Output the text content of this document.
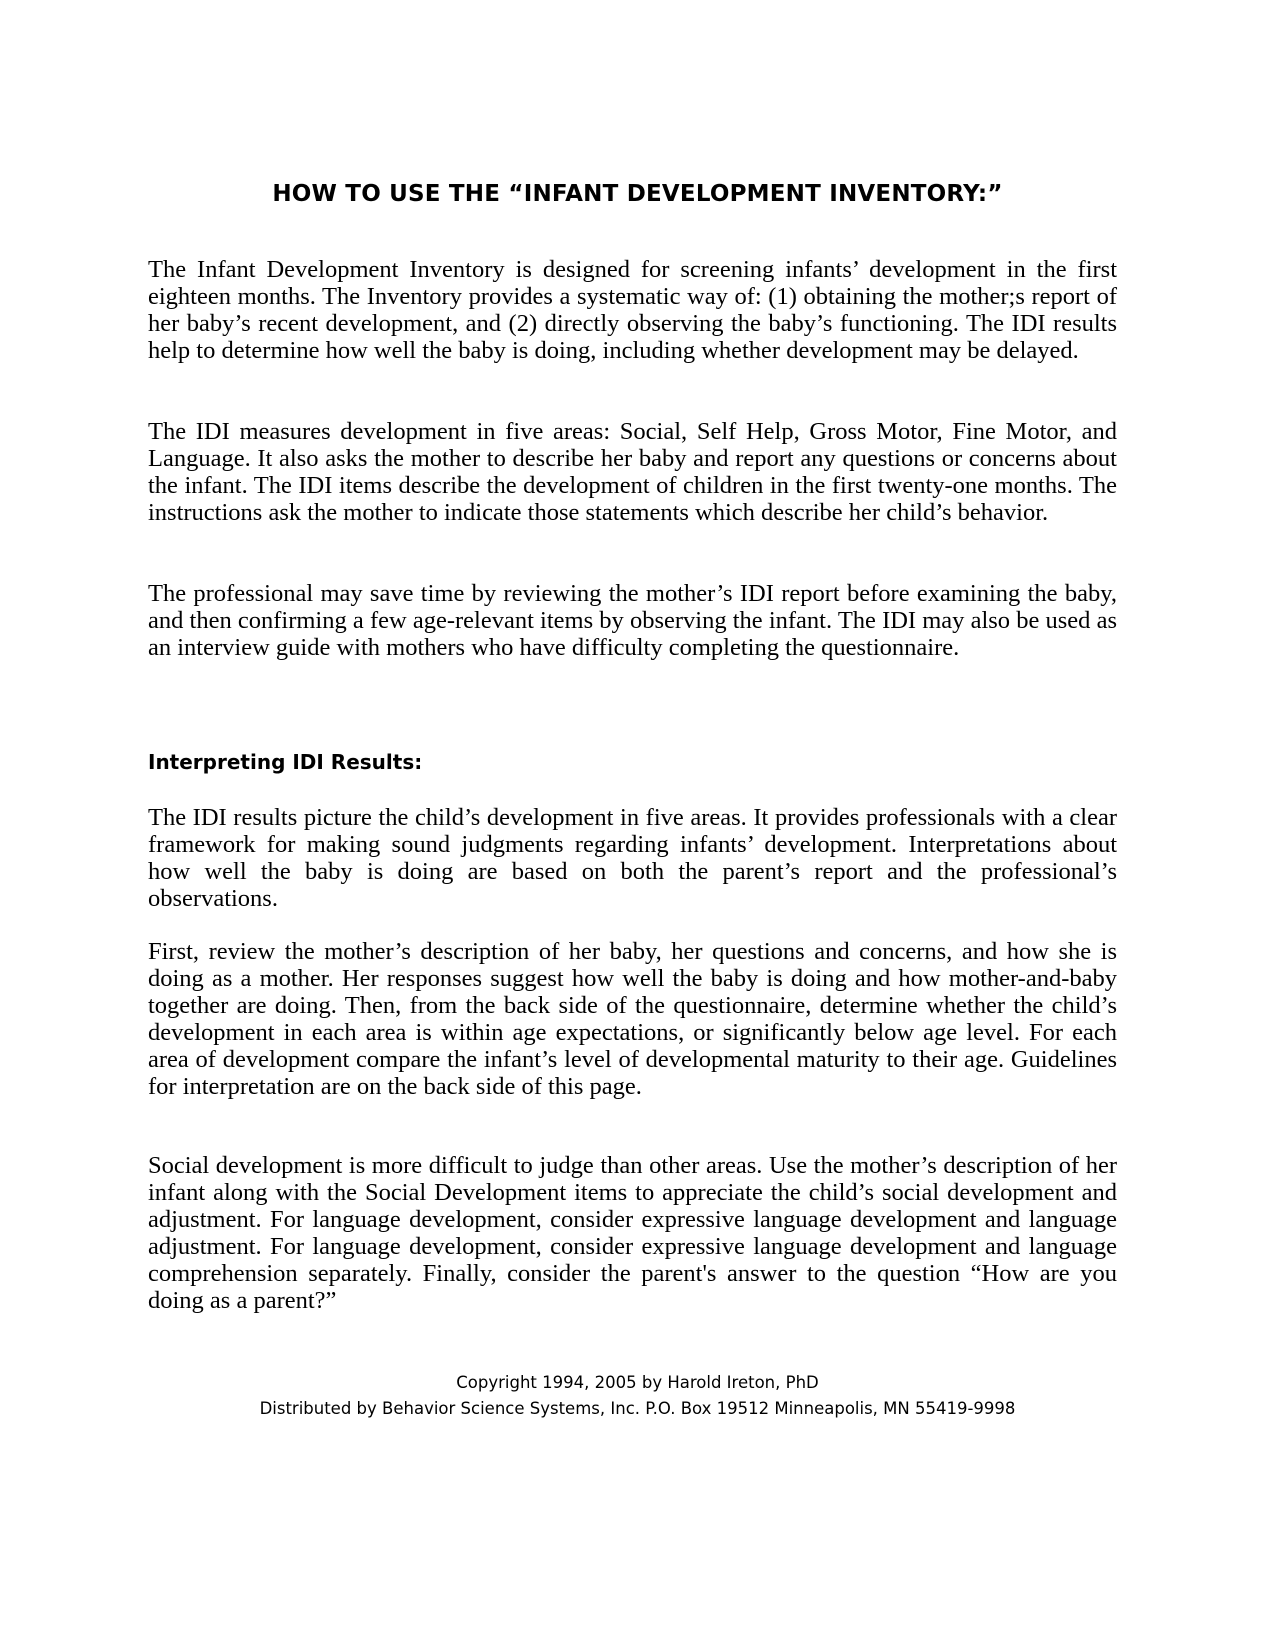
HOW TO USE THE “INFANT DEVELOPMENT INVENTORY:”

The Infant Development Inventory is designed for screening infants’ development in the first eighteen months. The Inventory provides a systematic way of: (1) obtaining the mother;s report of her baby’s recent development, and (2) directly observing the baby’s functioning. The IDI results help to determine how well the baby is doing, including whether development may be delayed.

The IDI measures development in five areas: Social, Self Help, Gross Motor, Fine Motor, and Language. It also asks the mother to describe her baby and report any questions or concerns about the infant. The IDI items describe the development of children in the first twenty-one months. The instructions ask the mother to indicate those statements which describe her child’s behavior.

The professional may save time by reviewing the mother’s IDI report before examining the baby, and then confirming a few age-relevant items by observing the infant. The IDI may also be used as an interview guide with mothers who have difficulty completing the questionnaire.

Interpreting IDI Results:

The IDI results picture the child’s development in five areas. It provides professionals with a clear framework for making sound judgments regarding infants’ development. Interpretations about how well the baby is doing are based on both the parent’s report and the professional’s observations.

First, review the mother’s description of her baby, her questions and concerns, and how she is doing as a mother. Her responses suggest how well the baby is doing and how mother-and-baby together are doing. Then, from the back side of the questionnaire, determine whether the child’s development in each area is within age expectations, or significantly below age level. For each area of development compare the infant’s level of developmental maturity to their age. Guidelines for interpretation are on the back side of this page.

Social development is more difficult to judge than other areas. Use the mother’s description of her infant along with the Social Development items to appreciate the child’s social development and adjustment. For language development, consider expressive language development and language adjustment. For language development, consider expressive language development and language comprehension separately. Finally, consider the parent's answer to the question “How are you doing as a parent?”

Copyright 1994, 2005 by Harold Ireton, PhD

Distributed by Behavior Science Systems, Inc. P.O. Box 19512 Minneapolis, MN 55419-9998
